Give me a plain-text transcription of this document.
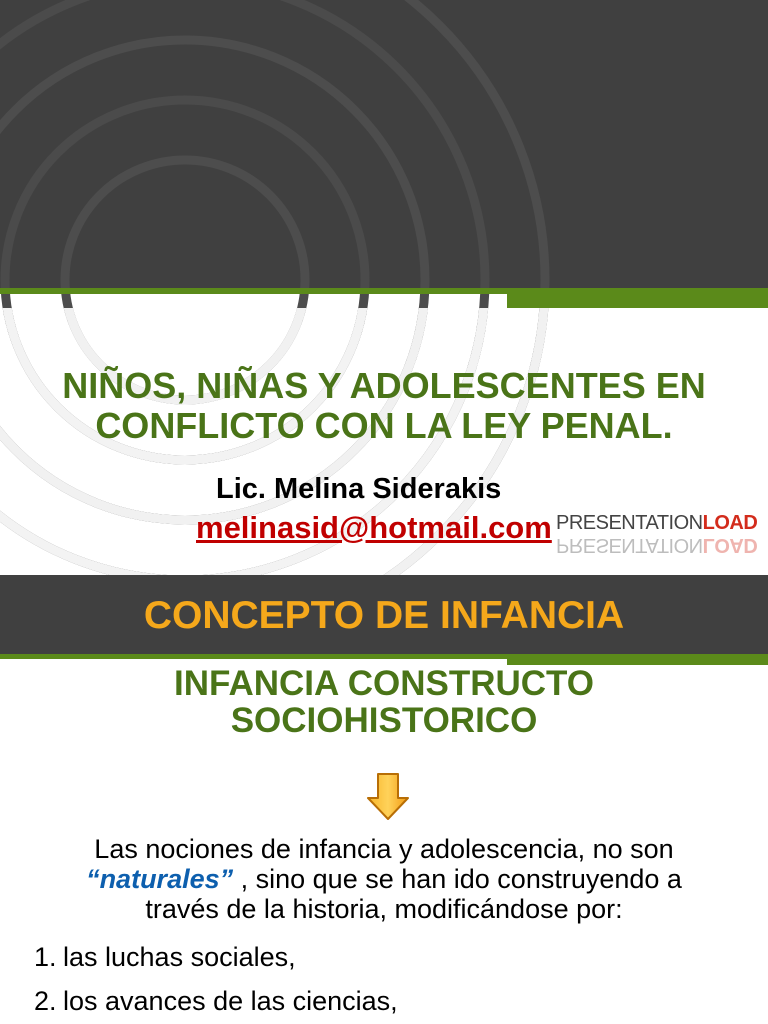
NIÑOS, NIÑAS Y ADOLESCENTES EN
CONFLICTO CON LA LEY PENAL.
Lic. Melina Siderakis
melinasid@hotmail.com PRESENTATIONLOAD
PRESENTATIONLOAD
CONCEPTO DE INFANCIA
INFANCIA CONSTRUCTO
SOCIOHISTORICO

Las nociones de infancia y adolescencia, no son
“naturales” , sino que se han ido construyendo a
través de la historia, modificándose por:

1. las luchas sociales,
2. los avances de las ciencias,
